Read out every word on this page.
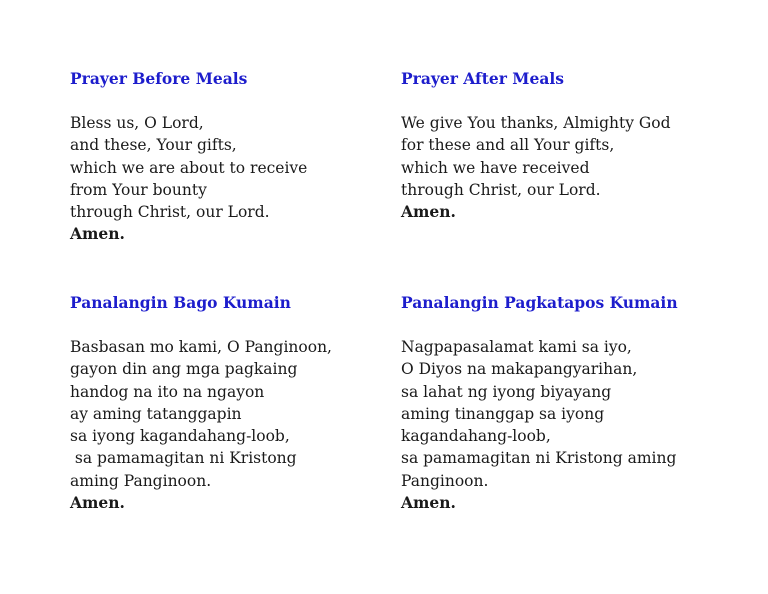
Prayer Before Meals
Bless us, O Lord,
and these, Your gifts,
which we are about to receive
from Your bounty
through Christ, our Lord.
Amen.
Prayer After Meals
We give You thanks, Almighty God
for these and all Your gifts,
which we have received
through Christ, our Lord.
Amen.
Panalangin Bago Kumain
Basbasan mo kami, O Panginoon,
gayon din ang mga pagkaing
handog na ito na ngayon
ay aming tatanggapin
sa iyong kagandahang-loob,
sa pamamagitan ni Kristong
aming Panginoon.
Amen.
Panalangin Pagkatapos Kumain
Nagpapasalamat kami sa iyo,
O Diyos na makapangyarihan,
sa lahat ng iyong biyayang
aming tinanggap sa iyong
kagandahang-loob,
sa pamamagitan ni Kristong aming
Panginoon.
Amen.
